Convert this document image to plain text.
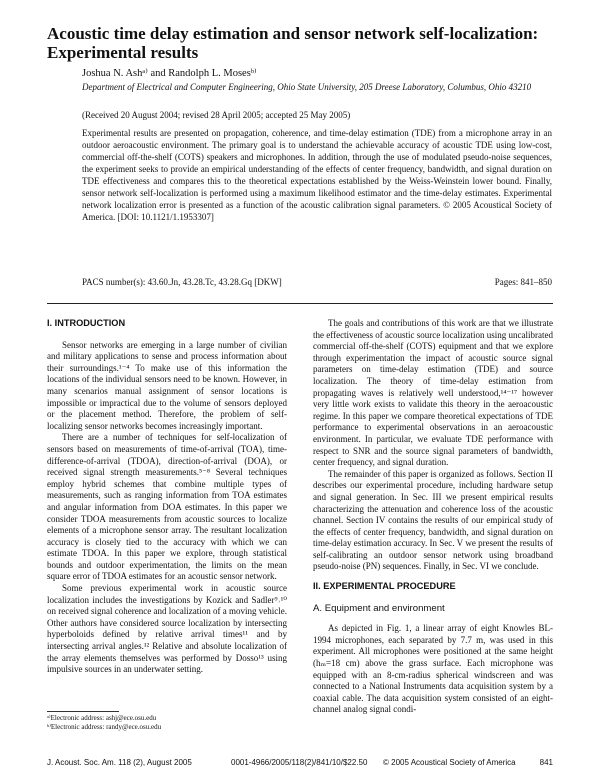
Acoustic time delay estimation and sensor network self-localization: Experimental results
Joshua N. Ashᵃ⁾ and Randolph L. Mosesᵇ⁾
Department of Electrical and Computer Engineering, Ohio State University, 205 Dreese Laboratory, Columbus, Ohio 43210
(Received 20 August 2004; revised 28 April 2005; accepted 25 May 2005)
Experimental results are presented on propagation, coherence, and time-delay estimation (TDE) from a microphone array in an outdoor aeroacoustic environment. The primary goal is to understand the achievable accuracy of acoustic TDE using low-cost, commercial off-the-shelf (COTS) speakers and microphones. In addition, through the use of modulated pseudo-noise sequences, the experiment seeks to provide an empirical understanding of the effects of center frequency, bandwidth, and signal duration on TDE effectiveness and compares this to the theoretical expectations established by the Weiss-Weinstein lower bound. Finally, sensor network self-localization is performed using a maximum likelihood estimator and the time-delay estimates. Experimental network localization error is presented as a function of the acoustic calibration signal parameters. © 2005 Acoustical Society of America. [DOI: 10.1121/1.1953307]
PACS number(s): 43.60.Jn, 43.28.Tc, 43.28.Gq [DKW]	Pages: 841–850
I. INTRODUCTION

Sensor networks are emerging in a large number of civilian and military applications to sense and process information about their surroundings.¹⁻⁴ To make use of this information the locations of the individual sensors need to be known. However, in many scenarios manual assignment of sensor locations is impossible or impractical due to the volume of sensors deployed or the placement method. Therefore, the problem of self-localizing sensor networks becomes increasingly important.

There are a number of techniques for self-localization of sensors based on measurements of time-of-arrival (TOA), time-difference-of-arrival (TDOA), direction-of-arrival (DOA), or received signal strength measurements.⁵⁻⁸ Several techniques employ hybrid schemes that combine multiple types of measurements, such as ranging information from TOA estimates and angular information from DOA estimates. In this paper we consider TDOA measurements from acoustic sources to localize elements of a microphone sensor array. The resultant localization accuracy is closely tied to the accuracy with which we can estimate TDOA. In this paper we explore, through statistical bounds and outdoor experimentation, the limits on the mean square error of TDOA estimates for an acoustic sensor network.

Some previous experimental work in acoustic source localization includes the investigations by Kozick and Sadler⁹˒¹⁰ on received signal coherence and localization of a moving vehicle. Other authors have considered source localization by intersecting hyperboloids defined by relative arrival times¹¹ and by intersecting arrival angles.¹² Relative and absolute localization of the array elements themselves was performed by Dosso¹³ using impulsive sources in an underwater setting.

The goals and contributions of this work are that we illustrate the effectiveness of acoustic source localization using uncalibrated commercial off-the-shelf (COTS) equipment and that we explore through experimentation the impact of acoustic source signal parameters on time-delay estimation (TDE) and source localization. The theory of time-delay estimation from propagating waves is relatively well understood,¹⁴⁻¹⁷ however very little work exists to validate this theory in the aeroacoustic regime. In this paper we compare theoretical expectations of TDE performance to experimental observations in an aeroacoustic environment. In particular, we evaluate TDE performance with respect to SNR and the source signal parameters of bandwidth, center frequency, and signal duration.

The remainder of this paper is organized as follows. Section II describes our experimental procedure, including hardware setup and signal generation. In Sec. III we present empirical results characterizing the attenuation and coherence loss of the acoustic channel. Section IV contains the results of our empirical study of the effects of center frequency, bandwidth, and signal duration on time-delay estimation accuracy. In Sec. V we present the results of self-calibrating an outdoor sensor network using broadband pseudo-noise (PN) sequences. Finally, in Sec. VI we conclude.

II. EXPERIMENTAL PROCEDURE
A. Equipment and environment

As depicted in Fig. 1, a linear array of eight Knowles BL-1994 microphones, each separated by 7.7 m, was used in this experiment. All microphones were positioned at the same height (hₘ=18 cm) above the grass surface. Each microphone was equipped with an 8-cm-radius spherical windscreen and was connected to a National Instruments data acquisition system by a coaxial cable. The data acquisition system consisted of an eight-channel analog signal condi-

ᵃ⁾Electronic address: ashj@ece.osu.edu
ᵇ⁾Electronic address: randy@ece.osu.edu
J. Acoust. Soc. Am. 118 (2), August 2005	0001-4966/2005/118(2)/841/10/$22.50 © 2005 Acoustical Society of America	841
